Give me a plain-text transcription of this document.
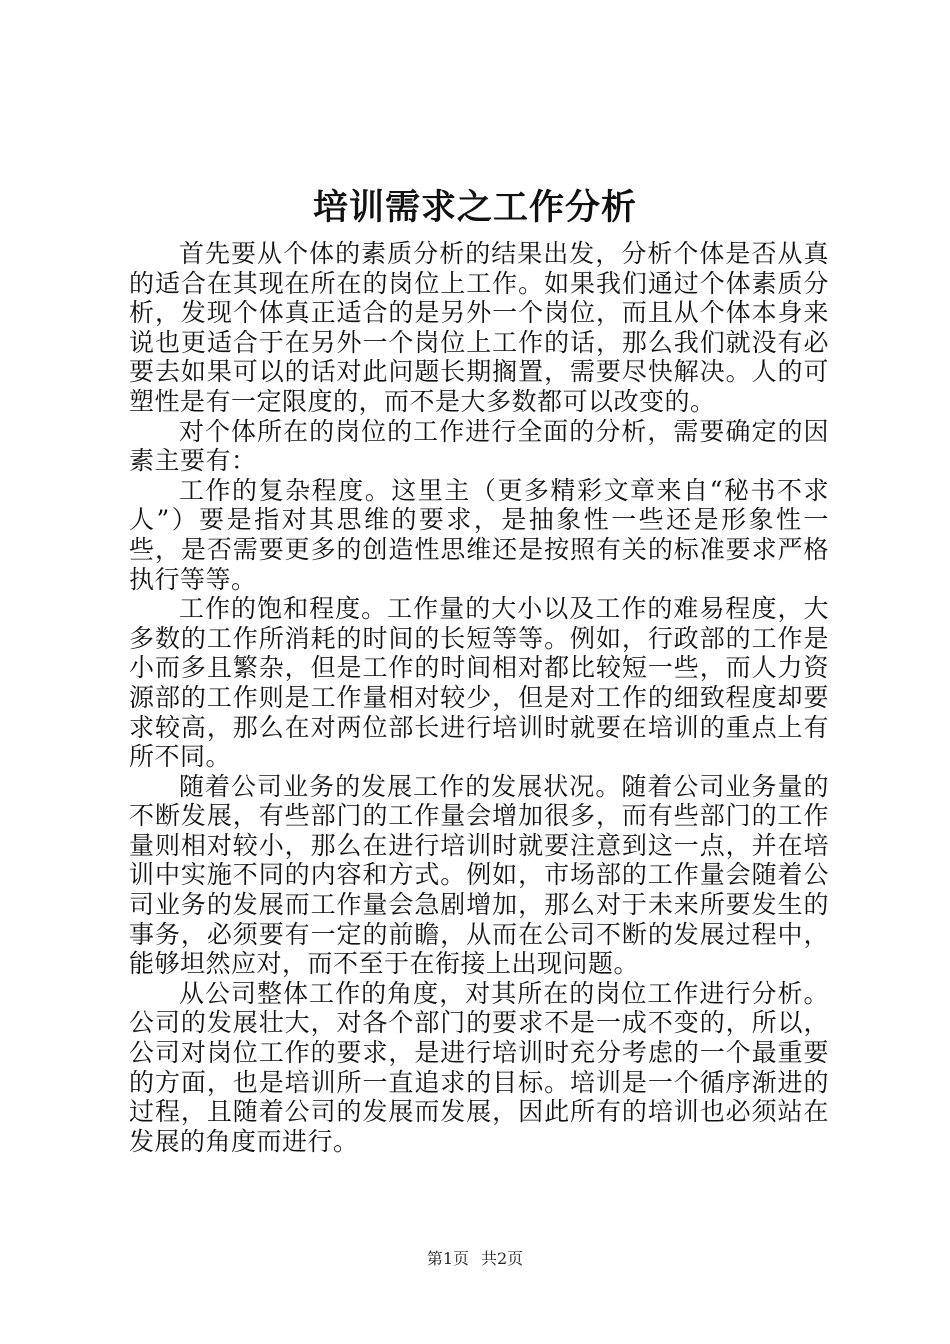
培训需求之工作分析

首先要从个体的素质分析的结果出发，分析个体是否从真的适合在其现在所在的岗位上工作。如果我们通过个体素质分析，发现个体真正适合的是另外一个岗位，而且从个体本身来说也更适合于在另外一个岗位上工作的话，那么我们就没有必要去如果可以的话对此问题长期搁置，需要尽快解决。人的可塑性是有一定限度的，而不是大多数都可以改变的。

对个体所在的岗位的工作进行全面的分析，需要确定的因素主要有：

工作的复杂程度。这里主（更多精彩文章来自“秘书不求人”）要是指对其思维的要求，是抽象性一些还是形象性一些，是否需要更多的创造性思维还是按照有关的标准要求严格执行等等。

工作的饱和程度。工作量的大小以及工作的难易程度，大多数的工作所消耗的时间的长短等等。例如，行政部的工作是小而多且繁杂，但是工作的时间相对都比较短一些，而人力资源部的工作则是工作量相对较少，但是对工作的细致程度却要求较高，那么在对两位部长进行培训时就要在培训的重点上有所不同。

随着公司业务的发展工作的发展状况。随着公司业务量的不断发展，有些部门的工作量会增加很多，而有些部门的工作量则相对较小，那么在进行培训时就要注意到这一点，并在培训中实施不同的内容和方式。例如，市场部的工作量会随着公司业务的发展而工作量会急剧增加，那么对于未来所要发生的事务，必须要有一定的前瞻，从而在公司不断的发展过程中，能够坦然应对，而不至于在衔接上出现问题。

从公司整体工作的角度，对其所在的岗位工作进行分析。公司的发展壮大，对各个部门的要求不是一成不变的，所以，公司对岗位工作的要求，是进行培训时充分考虑的一个最重要的方面，也是培训所一直追求的目标。培训是一个循序渐进的过程，且随着公司的发展而发展，因此所有的培训也必须站在发展的角度而进行。

第1页 共2页
